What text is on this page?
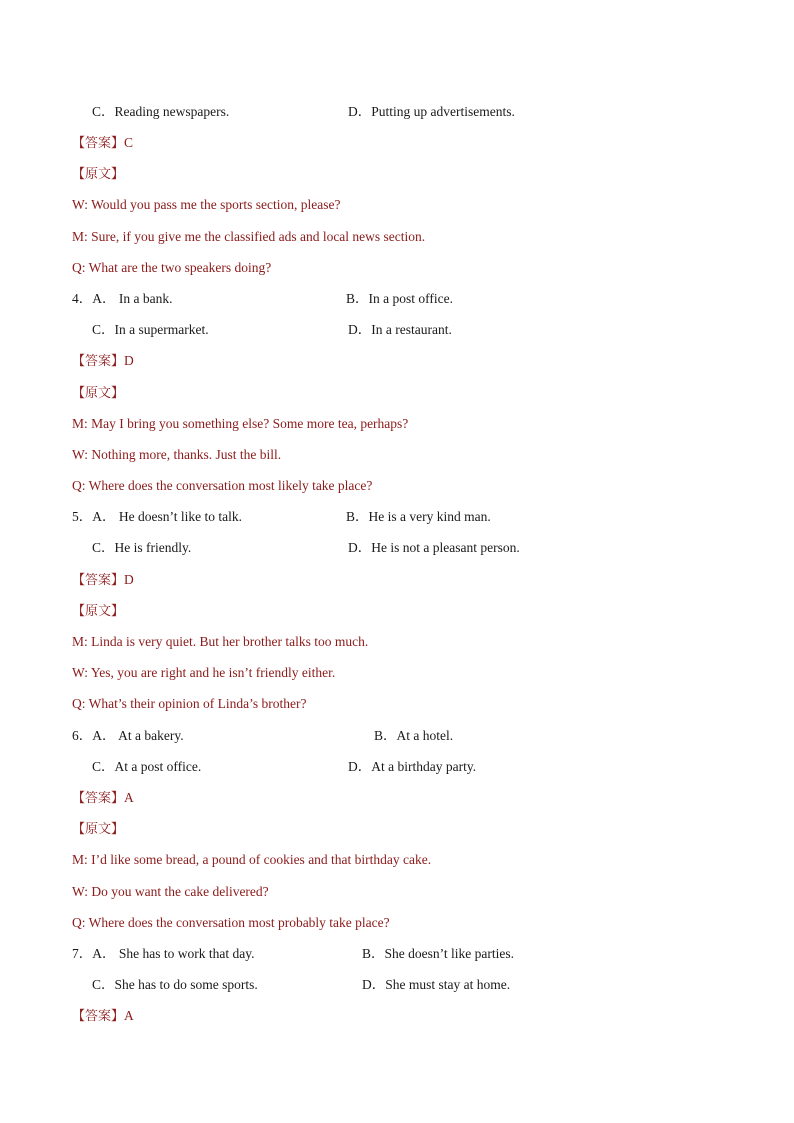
C．Reading newspapers.	D．Putting up advertisements.
【答案】C
【原文】
W: Would you pass me the sports section, please?
M: Sure, if you give me the classified ads and local news section.
Q: What are the two speakers doing?
4．A． In a bank.	B．In a post office.
C．In a supermarket.	D．In a restaurant.
【答案】D
【原文】
M: May I bring you something else? Some more tea, perhaps?
W: Nothing more, thanks. Just the bill.
Q: Where does the conversation most likely take place?
5．A． He doesn’t like to talk.	B．He is a very kind man.
C．He is friendly.	D．He is not a pleasant person.
【答案】D
【原文】
M: Linda is very quiet. But her brother talks too much.
W: Yes, you are right and he isn’t friendly either.
Q: What’s their opinion of Linda’s brother?
6．A． At a bakery.	B．At a hotel.
C．At a post office.	D．At a birthday party.
【答案】A
【原文】
M: I’d like some bread, a pound of cookies and that birthday cake.
W: Do you want the cake delivered?
Q: Where does the conversation most probably take place?
7．A． She has to work that day.	B．She doesn’t like parties.
C．She has to do some sports.	D．She must stay at home.
【答案】A
